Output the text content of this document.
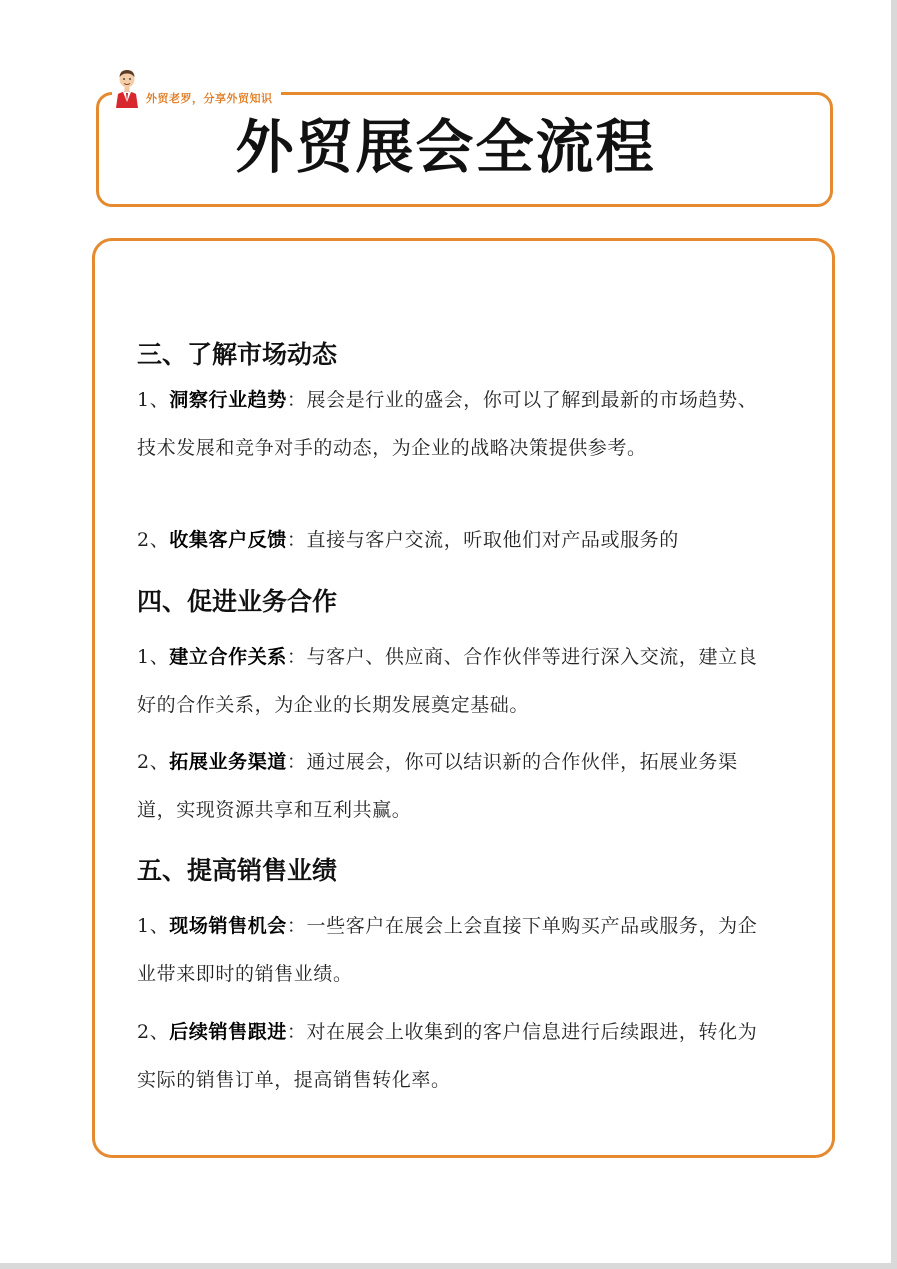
外贸老罗，分享外贸知识
外贸展会全流程
三、了解市场动态
1、洞察行业趋势：展会是行业的盛会，你可以了解到最新的市场趋势、技术发展和竞争对手的动态，为企业的战略决策提供参考。
2、收集客户反馈：直接与客户交流，听取他们对产品或服务的
四、促进业务合作
1、建立合作关系：与客户、供应商、合作伙伴等进行深入交流，建立良好的合作关系，为企业的长期发展奠定基础。
2、拓展业务渠道：通过展会，你可以结识新的合作伙伴，拓展业务渠道，实现资源共享和互利共赢。
五、提高销售业绩
1、现场销售机会：一些客户在展会上会直接下单购买产品或服务，为企业带来即时的销售业绩。
2、后续销售跟进：对在展会上收集到的客户信息进行后续跟进，转化为实际的销售订单，提高销售转化率。
